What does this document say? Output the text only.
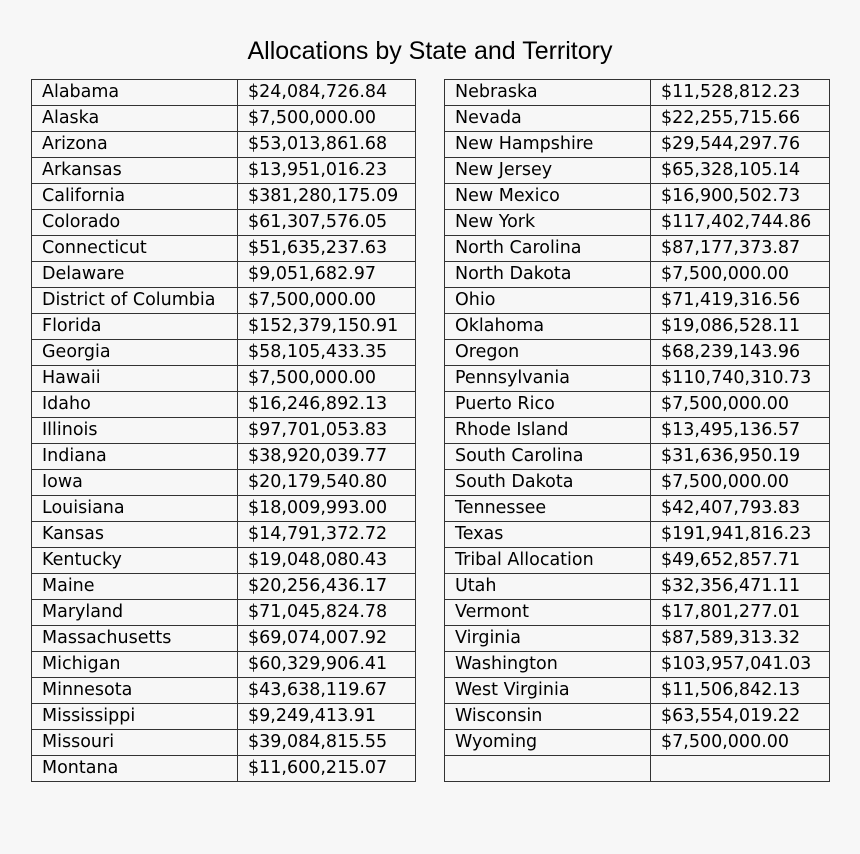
Allocations by State and Territory
Alabama	$24,084,726.84
Alaska	$7,500,000.00
Arizona	$53,013,861.68
Arkansas	$13,951,016.23
California	$381,280,175.09
Colorado	$61,307,576.05
Connecticut	$51,635,237.63
Delaware	$9,051,682.97
District of Columbia	$7,500,000.00
Florida	$152,379,150.91
Georgia	$58,105,433.35
Hawaii	$7,500,000.00
Idaho	$16,246,892.13
Illinois	$97,701,053.83
Indiana	$38,920,039.77
Iowa	$20,179,540.80
Louisiana	$18,009,993.00
Kansas	$14,791,372.72
Kentucky	$19,048,080.43
Maine	$20,256,436.17
Maryland	$71,045,824.78
Massachusetts	$69,074,007.92
Michigan	$60,329,906.41
Minnesota	$43,638,119.67
Mississippi	$9,249,413.91
Missouri	$39,084,815.55
Montana	$11,600,215.07
Nebraska	$11,528,812.23
Nevada	$22,255,715.66
New Hampshire	$29,544,297.76
New Jersey	$65,328,105.14
New Mexico	$16,900,502.73
New York	$117,402,744.86
North Carolina	$87,177,373.87
North Dakota	$7,500,000.00
Ohio	$71,419,316.56
Oklahoma	$19,086,528.11
Oregon	$68,239,143.96
Pennsylvania	$110,740,310.73
Puerto Rico	$7,500,000.00
Rhode Island	$13,495,136.57
South Carolina	$31,636,950.19
South Dakota	$7,500,000.00
Tennessee	$42,407,793.83
Texas	$191,941,816.23
Tribal Allocation	$49,652,857.71
Utah	$32,356,471.11
Vermont	$17,801,277.01
Virginia	$87,589,313.32
Washington	$103,957,041.03
West Virginia	$11,506,842.13
Wisconsin	$63,554,019.22
Wyoming	$7,500,000.00
